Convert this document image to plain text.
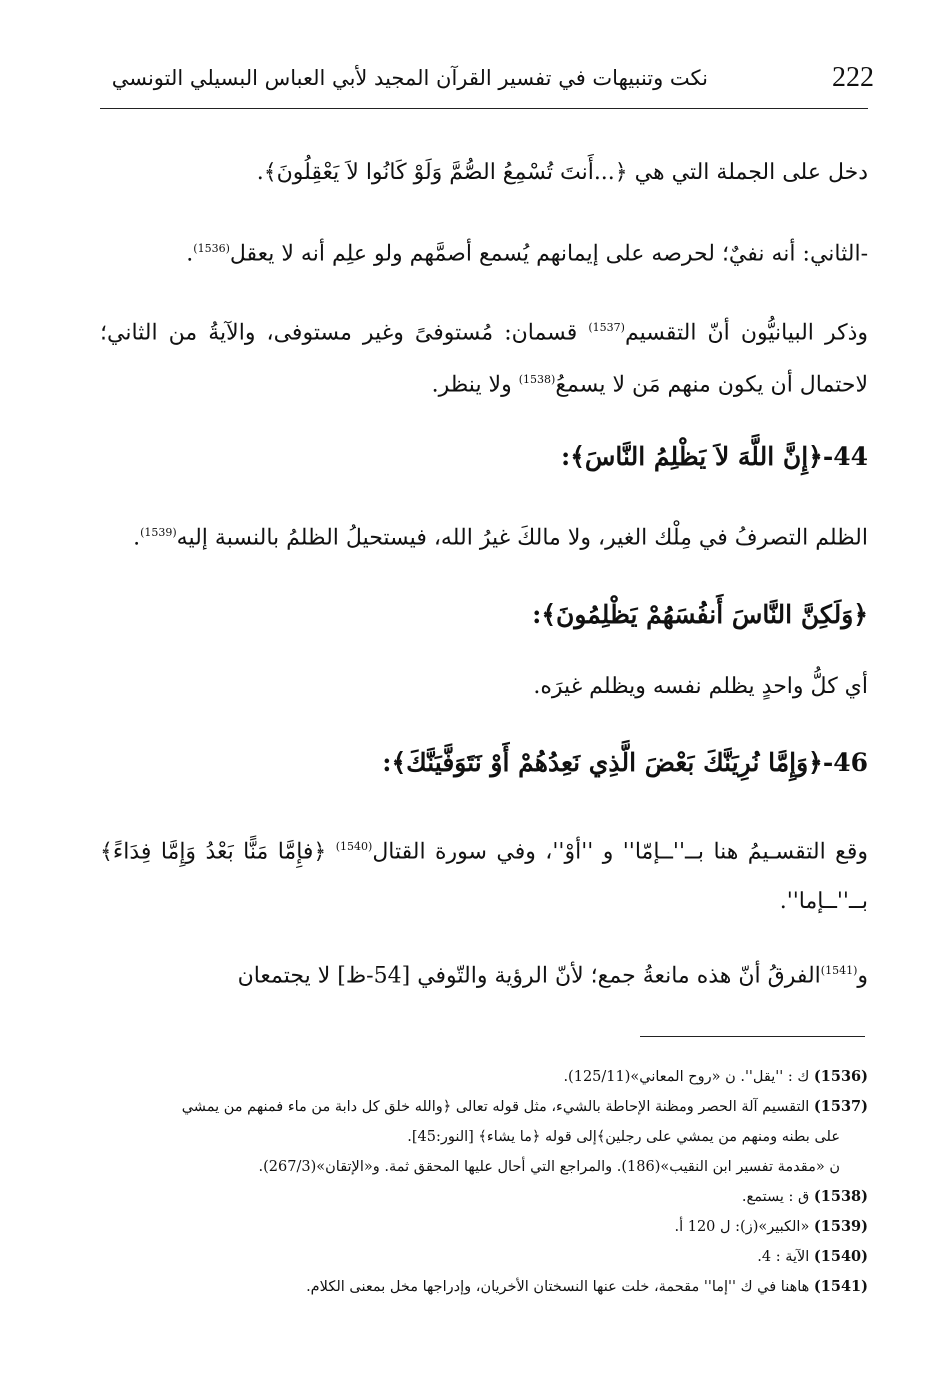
222
نكت وتنبيهات في تفسير القرآن المجيد لأبي العباس البسيلي التونسي
دخل على الجملة التي هي ﴿...أَنتَ تُسْمِعُ الصُّمَّ وَلَوْ كَانُوا لاَ يَعْقِلُونَ﴾.
-الثاني: أنه نفيٌ؛ لحرصه على إيمانهم يُسمع أصمَّهم ولو علِم أنه لا يعقل$^{(1536)}$.
وذكر البيانيُّون أنّ التقسيم$^{(1537)}$ قسمان: مُستوفىً وغير مستوفى، والآيةُ من الثاني؛ لاحتمال أن يكون منهم مَن لا يسمعُ$^{(1538)}$ ولا ينظر.
44-﴿إِنَّ اللَّهَ لاَ يَظْلِمُ النَّاسَ﴾:
الظلم التصرفُ في مِلْك الغير، ولا مالكَ غيرُ الله، فيستحيلُ الظلمُ بالنسبة إليه$^{(1539)}$.
﴿وَلَكِنَّ النَّاسَ أَنفُسَهُمْ يَظْلِمُونَ﴾:
أي كلُّ واحدٍ يظلم نفسه ويظلم غيرَه.
46-﴿وَإِمَّا نُرِيَنَّكَ بَعْضَ الَّذِي نَعِدُهُمْ أَوْ نَتَوَفَّيَنَّكَ﴾:
وقع التقسـيمُ هنا بــ''ــإمّا'' و ''أوْ''، وفي سورة القتال$^{(1540)}$ ﴿فإِمَّا مَنًّا بَعْدُ وَإِمَّا فِدَاءً﴾ بــ''ــإما''.
و$^{(1541)}$الفرقُ أنّ هذه مانعةُ جمع؛ لأنّ الرؤية والتّوفي [54-ظ] لا يجتمعان
(1536) ك : ''يقل''. ن «روح المعاني»(125/11).
(1537) التقسيم آلة الحصر ومظنة الإحاطة بالشيء، مثل قوله تعالى ﴿والله خلق كل دابة من ماء فمنهم من يمشي
على بطنه ومنهم من يمشي على رجلين﴾إلى قوله ﴿ما يشاء﴾ [النور:45].
ن «مقدمة تفسير ابن النقيب»(186). والمراجع التي أحال عليها المحقق ثمة. و«الإتقان»(267/3).
(1538) ق : يستمع.
(1539) «الكبير»(ز): ل 120 أ.
(1540) الآية : 4.
(1541) هاهنا في ك ''إما'' مقحمة، خلت عنها النسختان الأخريان، وإدراجها مخل بمعنى الكلام.
